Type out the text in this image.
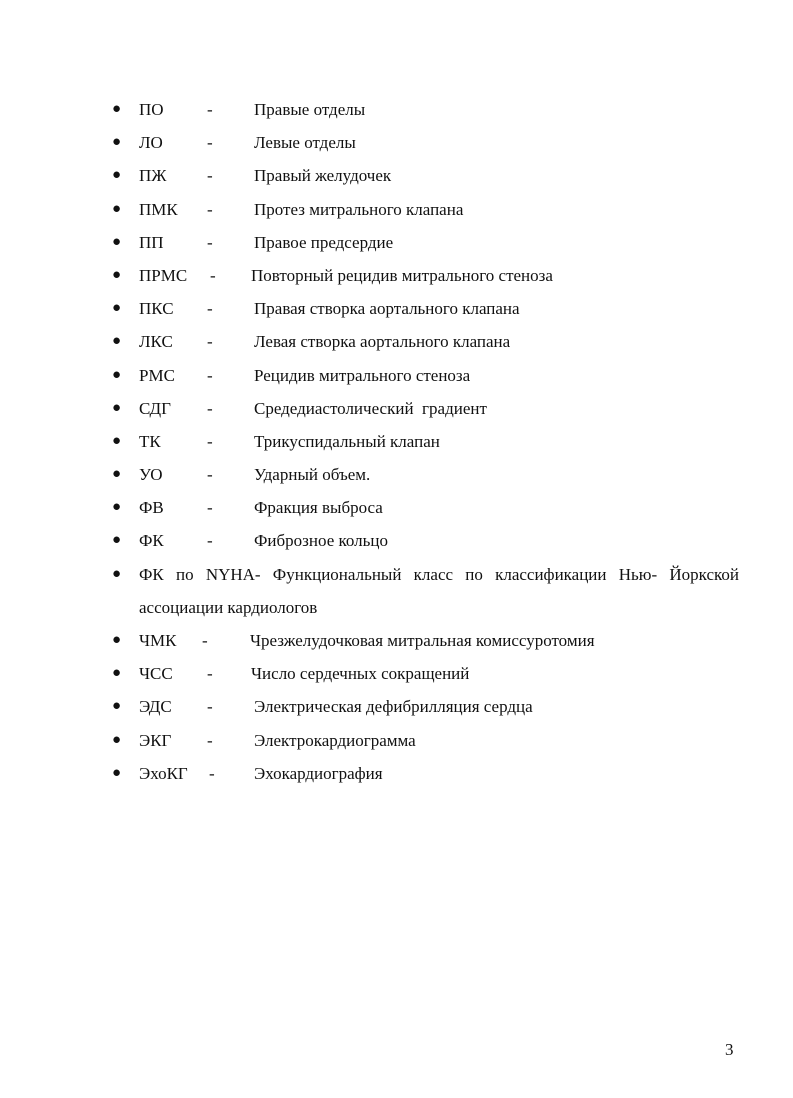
● ПО	- Правые отделы
● ЛО	- Левые отделы
● ПЖ - Правый желудочек
● ПМК - Протез митрального клапана
● ПП	- Правое предсердие
● ПРМС - Повторный рецидив митрального стеноза
● ПКС - Правая створка аортального клапана
● ЛКС - Левая створка аортального клапана
● РМС - Рецидив митрального стеноза
● СДГ - Средедиастолический  градиент
● ТК	- Трикуспидальный клапан
● УО	- Ударный объем.
● ФВ	- Фракция выброса
● ФК	- Фиброзное кольцо
● ФК по NYHA- Функциональный класс по классификации Нью- Йоркской
ассоциации кардиологов
● ЧМК - Чрезжелудочковая митральная комиссуротомия
● ЧСС - Число сердечных сокращений
● ЭДС - Электрическая дефибрилляция сердца
● ЭКГ - Электрокардиограмма
● ЭхоКГ - Эхокардиография
3
